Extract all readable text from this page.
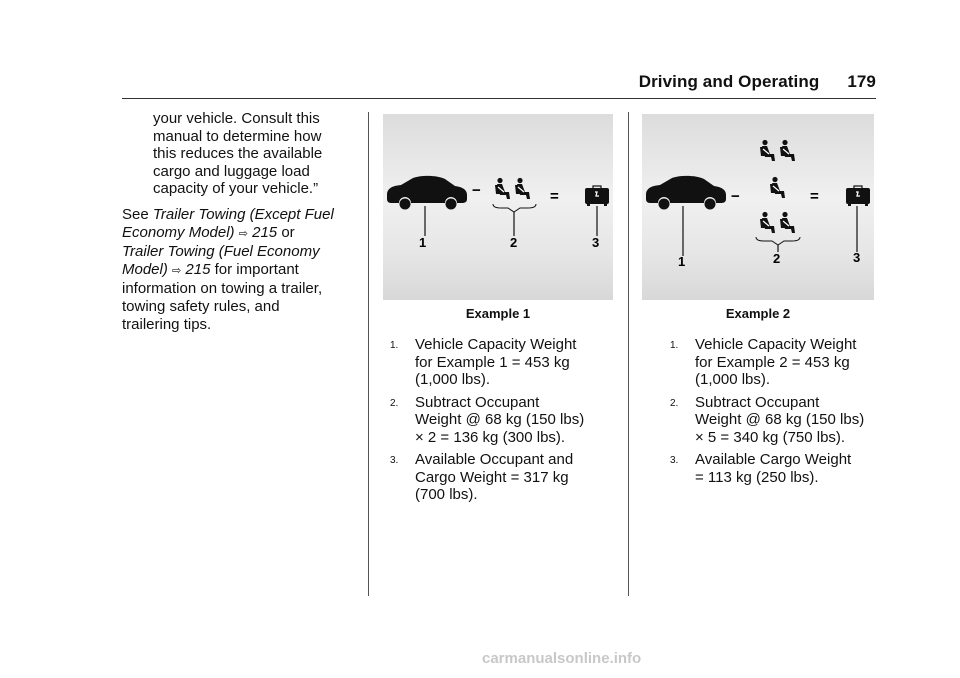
Driving and Operating 179

your vehicle. Consult this

manual to determine how

this reduces the available

cargo and luggage load

capacity of your vehicle.”

See Trailer Towing (Except Fuel

Economy Model) ⇨ 215 or

Trailer Towing (Fuel Economy

Model) ⇨ 215 for important

information on towing a trailer,

towing safety rules, and

trailering tips.

−	=
1	2	3
Example 1
1. Vehicle Capacity Weight
for Example 1 = 453 kg
(1,000 lbs).
2. Subtract Occupant
Weight @ 68 kg (150 lbs)
× 2 = 136 kg (300 lbs).
3. Available Occupant and
Cargo Weight = 317 kg
(700 lbs).
−	=
1	2	3
Example 2
1. Vehicle Capacity Weight
for Example 2 = 453 kg
(1,000 lbs).
2. Subtract Occupant
Weight @ 68 kg (150 lbs)
× 5 = 340 kg (750 lbs).
3. Available Cargo Weight
= 113 kg (250 lbs).
carmanualsonline.info
